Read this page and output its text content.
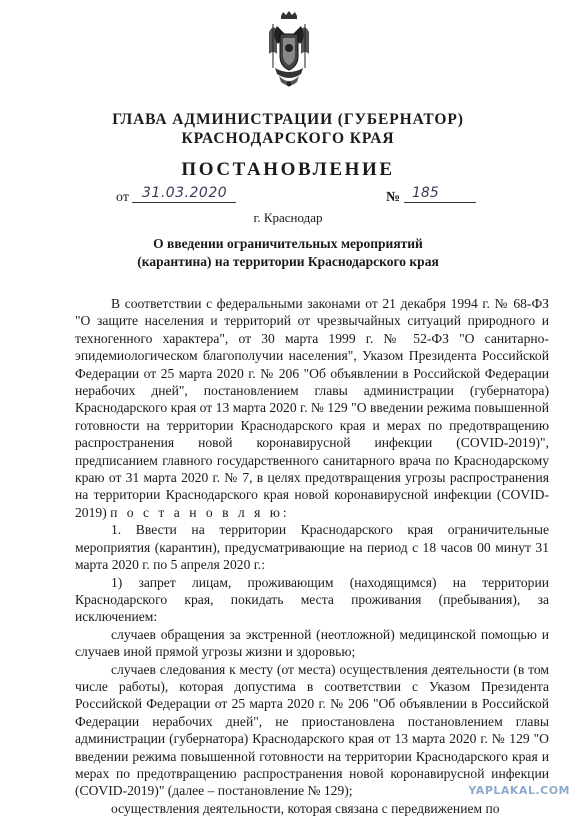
ГЛАВА АДМИНИСТРАЦИИ (ГУБЕРНАТОР)
КРАСНОДАРСКОГО КРАЯ
ПОСТАНОВЛЕНИЕ
от 31.03.2020	№ 185
г. Краснодар
О введении ограничительных мероприятий
(карантина) на территории Краснодарского края

В соответствии с федеральными законами от 21 декабря 1994 г. № 68-ФЗ "О защите населения и территорий от чрезвычайных ситуаций природного и техногенного характера", от 30 марта 1999 г. № 52-ФЗ "О санитарно-эпидемиологическом благополучии населения", Указом Президента Российской Федерации от 25 марта 2020 г. № 206 "Об объявлении в Российской Федерации нерабочих дней", постановлением главы администрации (губернатора) Краснодарского края от 13 марта 2020 г. № 129 "О введении режима повышенной готовности на территории Краснодарского края и мерах по предотвращению распространения новой коронавирусной инфекции (COVID-2019)", предписанием главного государственного санитарного врача по Краснодарскому краю от 31 марта 2020 г. № 7, в целях предотвращения угрозы распространения на территории Краснодарского края новой коронавирусной инфекции (COVID-2019) п о с т а н о в л я ю:

1. Ввести на территории Краснодарского края ограничительные мероприятия (карантин), предусматривающие на период с 18 часов 00 минут 31 марта 2020 г. по 5 апреля 2020 г.:

1) запрет лицам, проживающим (находящимся) на территории Краснодарского края, покидать места проживания (пребывания), за исключением:

случаев обращения за экстренной (неотложной) медицинской помощью и случаев иной прямой угрозы жизни и здоровью;

случаев следования к месту (от места) осуществления деятельности (в том числе работы), которая допустима в соответствии с Указом Президента Российской Федерации от 25 марта 2020 г. № 206 "Об объявлении в Российской Федерации нерабочих дней", не приостановлена постановлением главы администрации (губернатора) Краснодарского края от 13 марта 2020 г. № 129 "О введении режима повышенной готовности на территории Краснодарского края и мерах по предотвращению распространения новой коронавирусной инфекции (COVID-2019)" (далее – постановление № 129);

осуществления деятельности, которая связана с передвижением по

YAPLAKAL.COM
